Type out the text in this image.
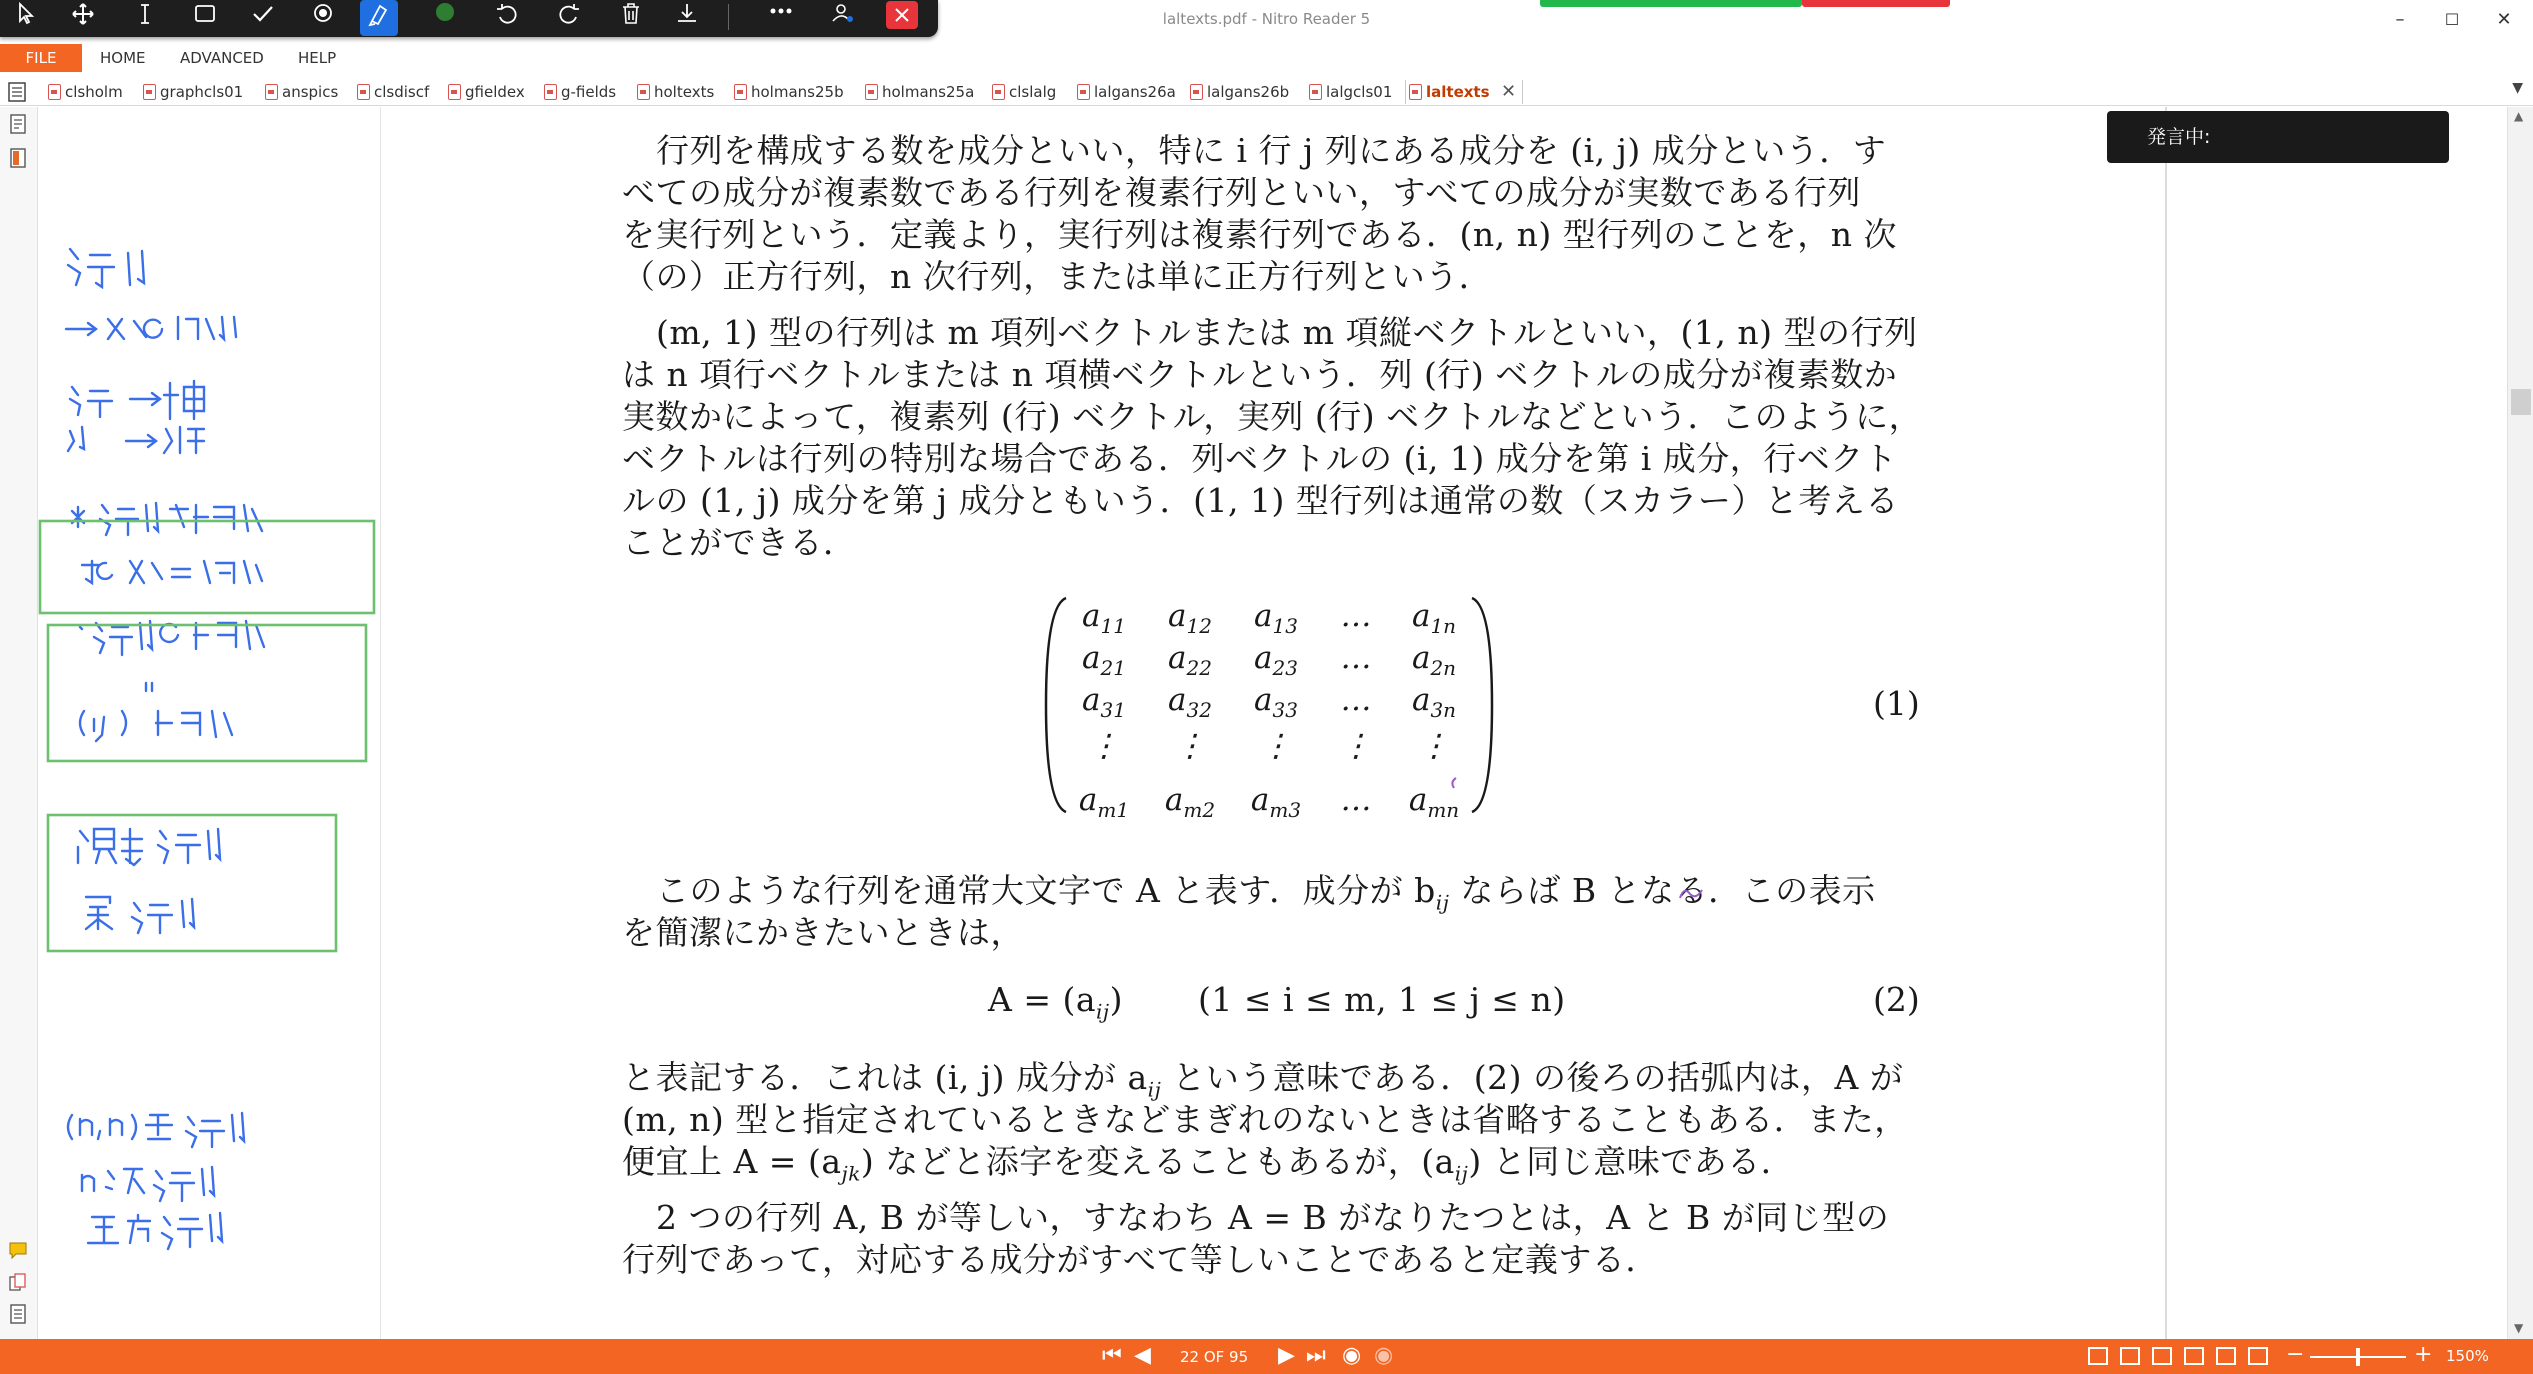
laltexts.pdf - Nitro Reader 5	–	☐	✕
FILE	HOME ADVANCED HELP
clsholm	graphcls01	anspics	clsdiscf	gfieldex	g-fields	holtexts	holmans25b	holmans25a	clslalg	lalgans26a	lalgans26b	lalgcls01	laltexts ✕	▼
行列を構成する数を成分といい，特に i 行 j 列にある成分を (i, j) 成分という．す
べての成分が複素数である行列を複素行列といい，すべての成分が実数である行列
を実行列という．定義より，実行列は複素行列である．(n, n) 型行列のことを，n 次
（の）正方行列，n 次行列，または単に正方行列という．
(m, 1) 型の行列は m 項列ベクトルまたは m 項縦ベクトルといい，(1, n) 型の行列
は n 項行ベクトルまたは n 項横ベクトルという．列 (行) ベクトルの成分が複素数か
実数かによって，複素列 (行) ベクトル，実列 (行) ベクトルなどという．このように，
ベクトルは行列の特別な場合である．列ベクトルの (i, 1) 成分を第 i 成分，行ベクト
ルの (1, j) 成分を第 j 成分ともいう．(1, 1) 型行列は通常の数（スカラー）と考える
ことができる．
$a_{11}$	$a_{12}$	$a_{13}$	…	$a_{1n}$
$a_{21}$	$a_{22}$	$a_{23}$	…	$a_{2n}$
$a_{31}$	$a_{32}$	$a_{33}$	…	$a_{3n}$
⋮	⋮	⋮	⋮	⋮
$a_{m1}$	$a_{m2}$	$a_{m3}$	…	$a_{mn}$
(1)
このような行列を通常大文字で A と表す．成分が $b_{ij}$ ならば B となる．この表示
を簡潔にかきたいときは，
$A = (a_{ij}) (1 \le i \le m$, 1 ≤ j ≤ n)	(2)
と表記する．これは (i, j) 成分が $a_{ij}$ という意味である．(2) の後ろの括弧内は，A が
(m, n) 型と指定されているときなどまぎれのないときは省略することもある．また，
便宜上 $A = (a_{jk})$ などと添字を変えることもあるが，$(a_{ij})$ と同じ意味である．
2 つの行列 A, B が等しい，すなわち A = B がなりたつとは，A と B が同じ型の
行列であって，対応する成分がすべて等しいことであると定義する．
発言中:
▲
▼
⏮ ◀ 22 OF 95 ▶ ⏭ ◉ ◉	−	+ 150%
